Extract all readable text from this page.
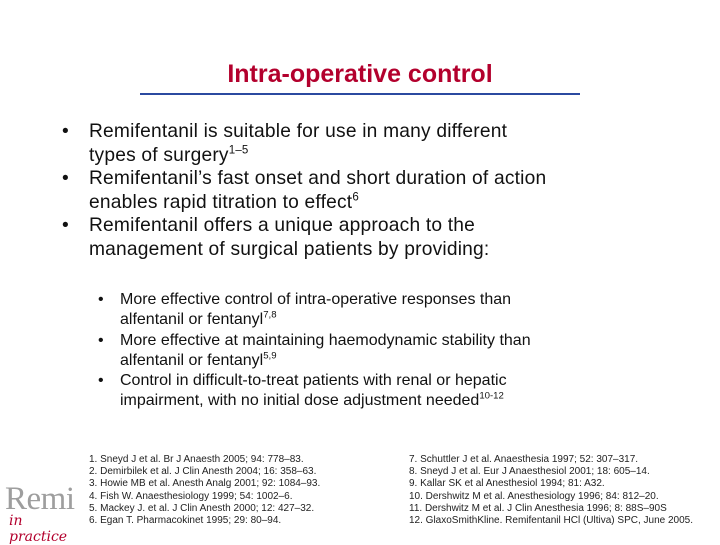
Intra-operative control
• Remifentanil is suitable for use in many different
types of surgery$^{1-5}$
• Remifentanil’s fast onset and short duration of action
enables rapid titration to effect$^6$
• Remifentanil offers a unique approach to the
management of surgical patients by providing:
• More effective control of intra-operative responses than
alfentanil or fentanyl$^{7,8}$
• More effective at maintaining haemodynamic stability than
alfentanil or fentanyl$^{5,9}$
• Control in difficult-to-treat patients with renal or hepatic
impairment, with no initial dose adjustment needed$^{10-12}$
1. Sneyd J et al. Br J Anaesth 2005; 94: 778–83.
2. Demirbilek et al. J Clin Anesth 2004; 16: 358–63.
3. Howie MB et al. Anesth Analg 2001; 92: 1084–93.
4. Fish W. Anaesthesiology 1999; 54: 1002–6.
5. Mackey J. et al. J Clin Anesth 2000; 12: 427–32.
6. Egan T. Pharmacokinet 1995; 29: 80–94.
7. Schuttler J et al. Anaesthesia 1997; 52: 307–317.
8. Sneyd J et al. Eur J Anaesthesiol 2001; 18: 605–14.
9. Kallar SK et al Anesthesiol 1994; 81: A32.
10. Dershwitz M et al. Anesthesiology 1996; 84: 812–20.
11. Dershwitz M et al. J Clin Anesthesia 1996; 8: 88S–90S
12. GlaxoSmithKline. Remifentanil HCl (Ultiva) SPC, June 2005.
Remi
in practice
